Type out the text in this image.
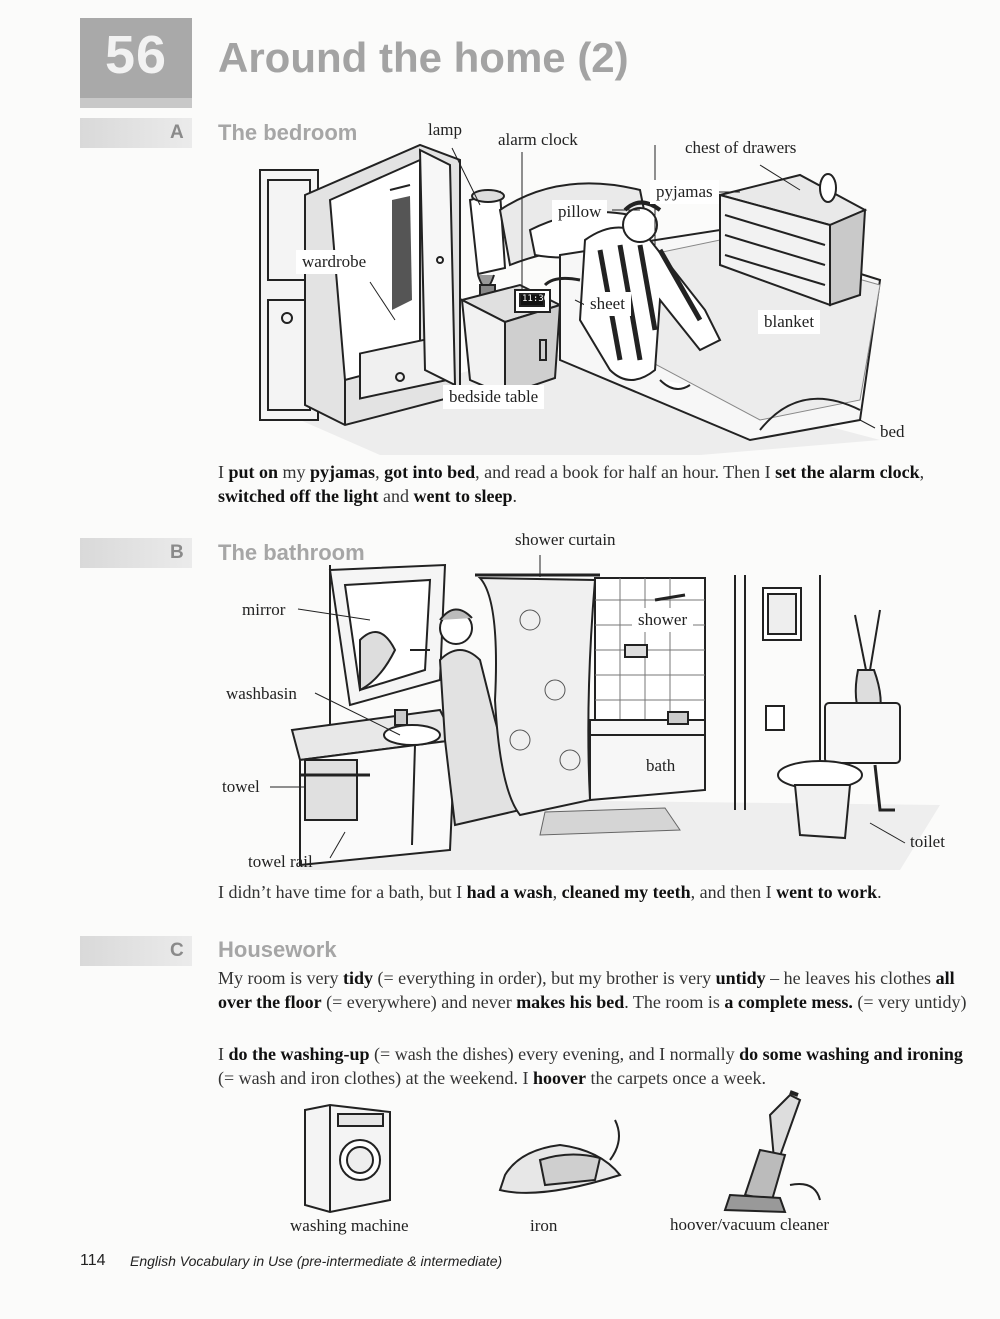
56	Around the home (2)
A The bedroom	lamp
alarm clock	chest of drawers
pyjamas
pillow
wardrobe
sheet
blanket
bedside table
bed
11:30

I put on my pyjamas, got into bed, and read a book for half an hour. Then I set the alarm clock, switched off the light and went to sleep.

B The bathroom
shower curtain
mirror
shower
washbasin
bath
towel
towel rail
toilet

I didn’t have time for a bath, but I had a wash, cleaned my teeth, and then I went to work.

C Housework

My room is very tidy (= everything in order), but my brother is very untidy – he leaves his clothes all over the floor (= everywhere) and never makes his bed. The room is a complete mess. (= very untidy)

I do the washing-up (= wash the dishes) every evening, and I normally do some washing and ironing (= wash and iron clothes) at the weekend. I hoover the carpets once a week.

washing machine	iron	hoover/vacuum cleaner
114 English Vocabulary in Use (pre-intermediate & intermediate)
